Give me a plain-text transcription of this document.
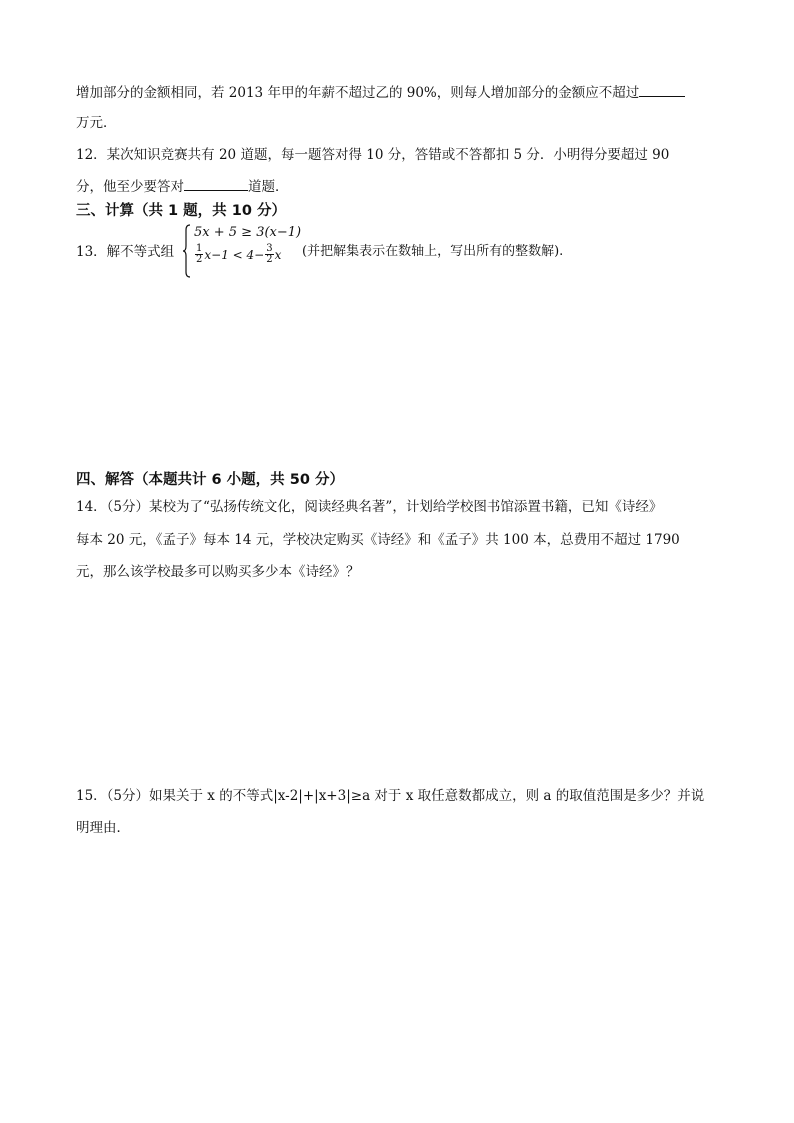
增加部分的金额相同，若 2013 年甲的年薪不超过乙的 90%，则每人增加部分的金额应不超过
万元．
12．某次知识竞赛共有 20 道题，每一题答对得 10 分，答错或不答都扣 5 分．小明得分要超过 90
分，他至少要答对	道题．
三、计算（共 1 题，共 10 分）
13．解不等式组
5x + 5 ≥ 3(x−1)
$\frac{1}{2} x-1 < 4- \frac{3}{2}$ x (并把解集表示在数轴上，写出所有的整数解).
四、解答（本题共计 6 小题，共 50 分）
14．（5分）某校为了“弘扬传统文化，阅读经典名著”，计划给学校图书馆添置书籍，已知《诗经》
每本 20 元，《孟子》每本 14 元，学校决定购买《诗经》和《孟子》共 100 本，总费用不超过 1790
元，那么该学校最多可以购买多少本《诗经》？
15．（5分）如果关于 x 的不等式|x-2|+|x+3|≥a 对于 x 取任意数都成立，则 a 的取值范围是多少？并说
明理由．
